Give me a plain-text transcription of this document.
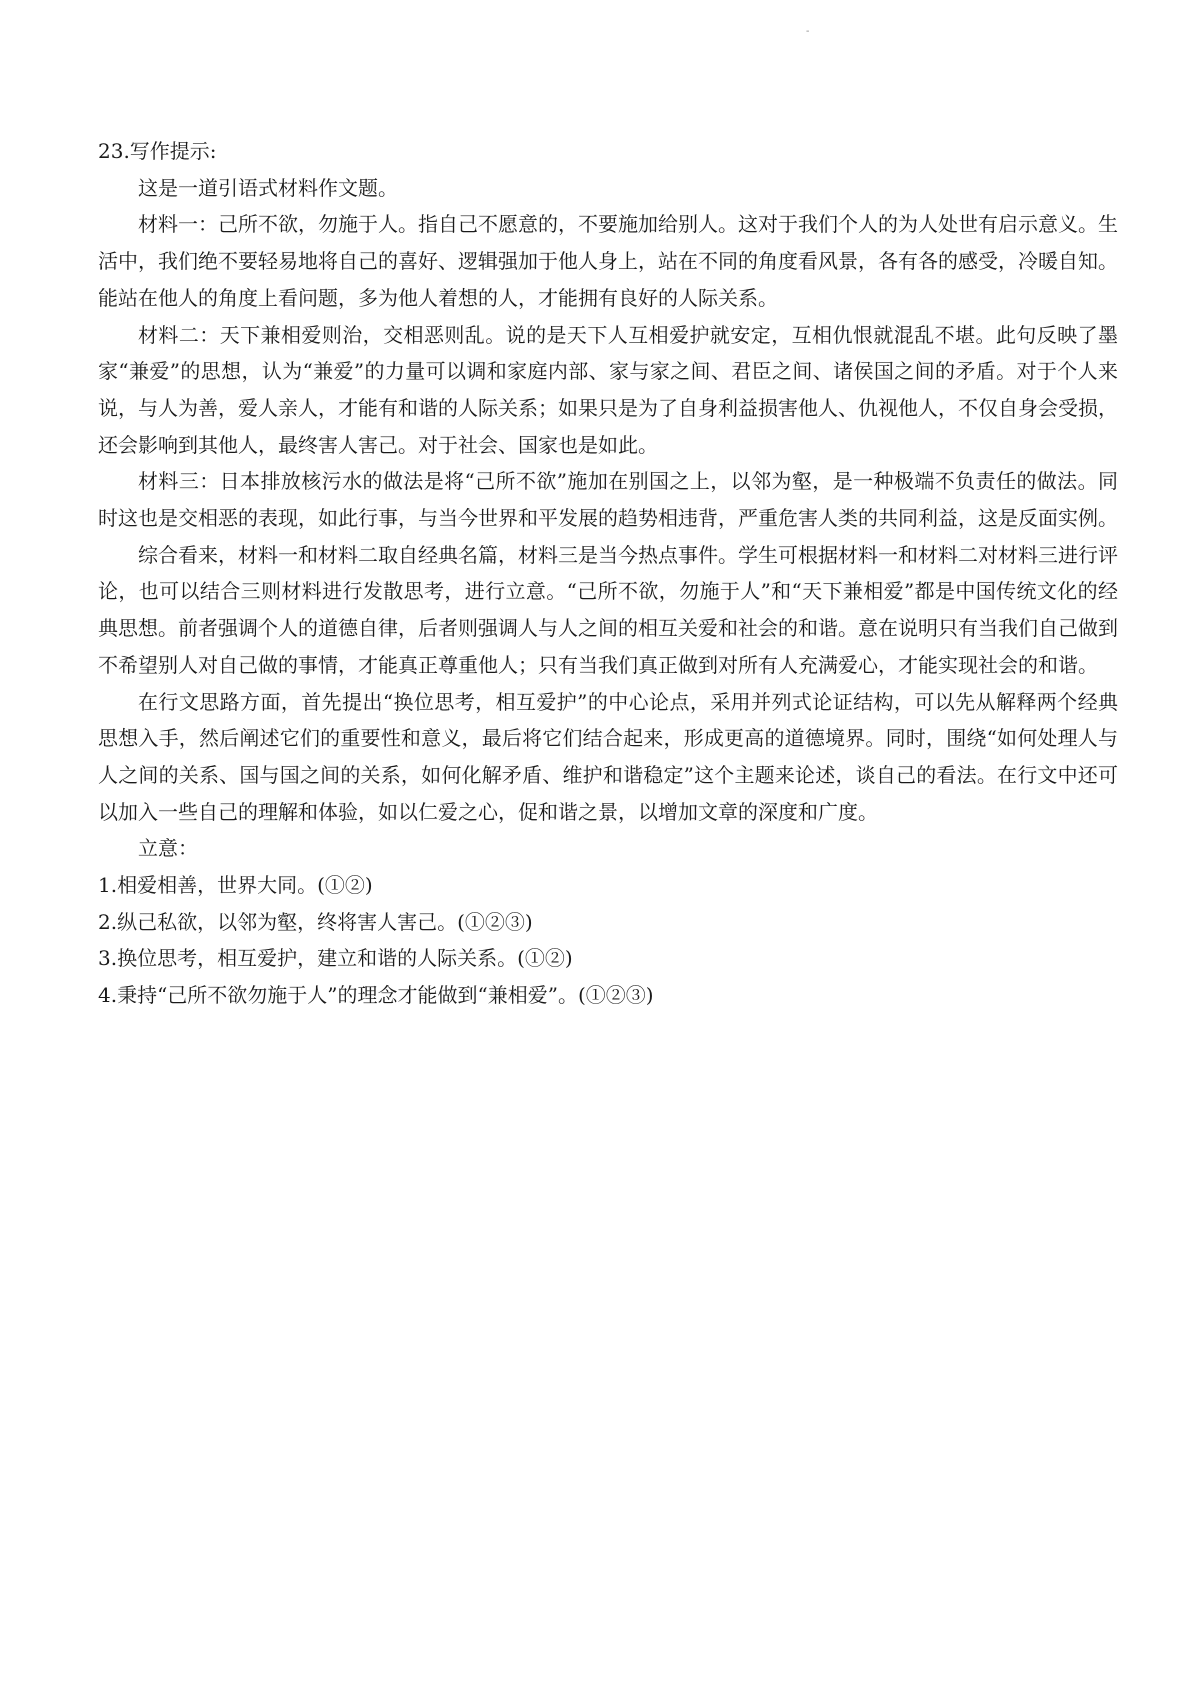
-
23.写作提示:
这是一道引语式材料作文题。
材料一：己所不欲，勿施于人。指自己不愿意的，不要施加给别人。这对于我们个人的为人处世有启示意义。生活中，我们绝不要轻易地将自己的喜好、逻辑强加于他人身上，站在不同的角度看风景，各有各的感受，冷暖自知。能站在他人的角度上看问题，多为他人着想的人，才能拥有良好的人际关系。
材料二：天下兼相爱则治，交相恶则乱。说的是天下人互相爱护就安定，互相仇恨就混乱不堪。此句反映了墨家“兼爱”的思想，认为“兼爱”的力量可以调和家庭内部、家与家之间、君臣之间、诸侯国之间的矛盾。对于个人来说，与人为善，爱人亲人，才能有和谐的人际关系；如果只是为了自身利益损害他人、仇视他人，不仅自身会受损，还会影响到其他人，最终害人害己。对于社会、国家也是如此。
材料三：日本排放核污水的做法是将“己所不欲”施加在别国之上，以邻为壑，是一种极端不负责任的做法。同时这也是交相恶的表现，如此行事，与当今世界和平发展的趋势相违背，严重危害人类的共同利益，这是反面实例。
综合看来，材料一和材料二取自经典名篇，材料三是当今热点事件。学生可根据材料一和材料二对材料三进行评论，也可以结合三则材料进行发散思考，进行立意。“己所不欲，勿施于人”和“天下兼相爱”都是中国传统文化的经典思想。前者强调个人的道德自律，后者则强调人与人之间的相互关爱和社会的和谐。意在说明只有当我们自己做到不希望别人对自己做的事情，才能真正尊重他人；只有当我们真正做到对所有人充满爱心，才能实现社会的和谐。
在行文思路方面，首先提出“换位思考，相互爱护”的中心论点，采用并列式论证结构，可以先从解释两个经典思想入手，然后阐述它们的重要性和意义，最后将它们结合起来，形成更高的道德境界。同时，围绕“如何处理人与人之间的关系、国与国之间的关系，如何化解矛盾、维护和谐稳定”这个主题来论述，谈自己的看法。在行文中还可以加入一些自己的理解和体验，如以仁爱之心，促和谐之景，以增加文章的深度和广度。
立意：
1.相爱相善，世界大同。(①②)
2.纵己私欲，以邻为壑，终将害人害己。(①②③)
3.换位思考，相互爱护，建立和谐的人际关系。(①②)
4.秉持“己所不欲勿施于人”的理念才能做到“兼相爱”。(①②③)
